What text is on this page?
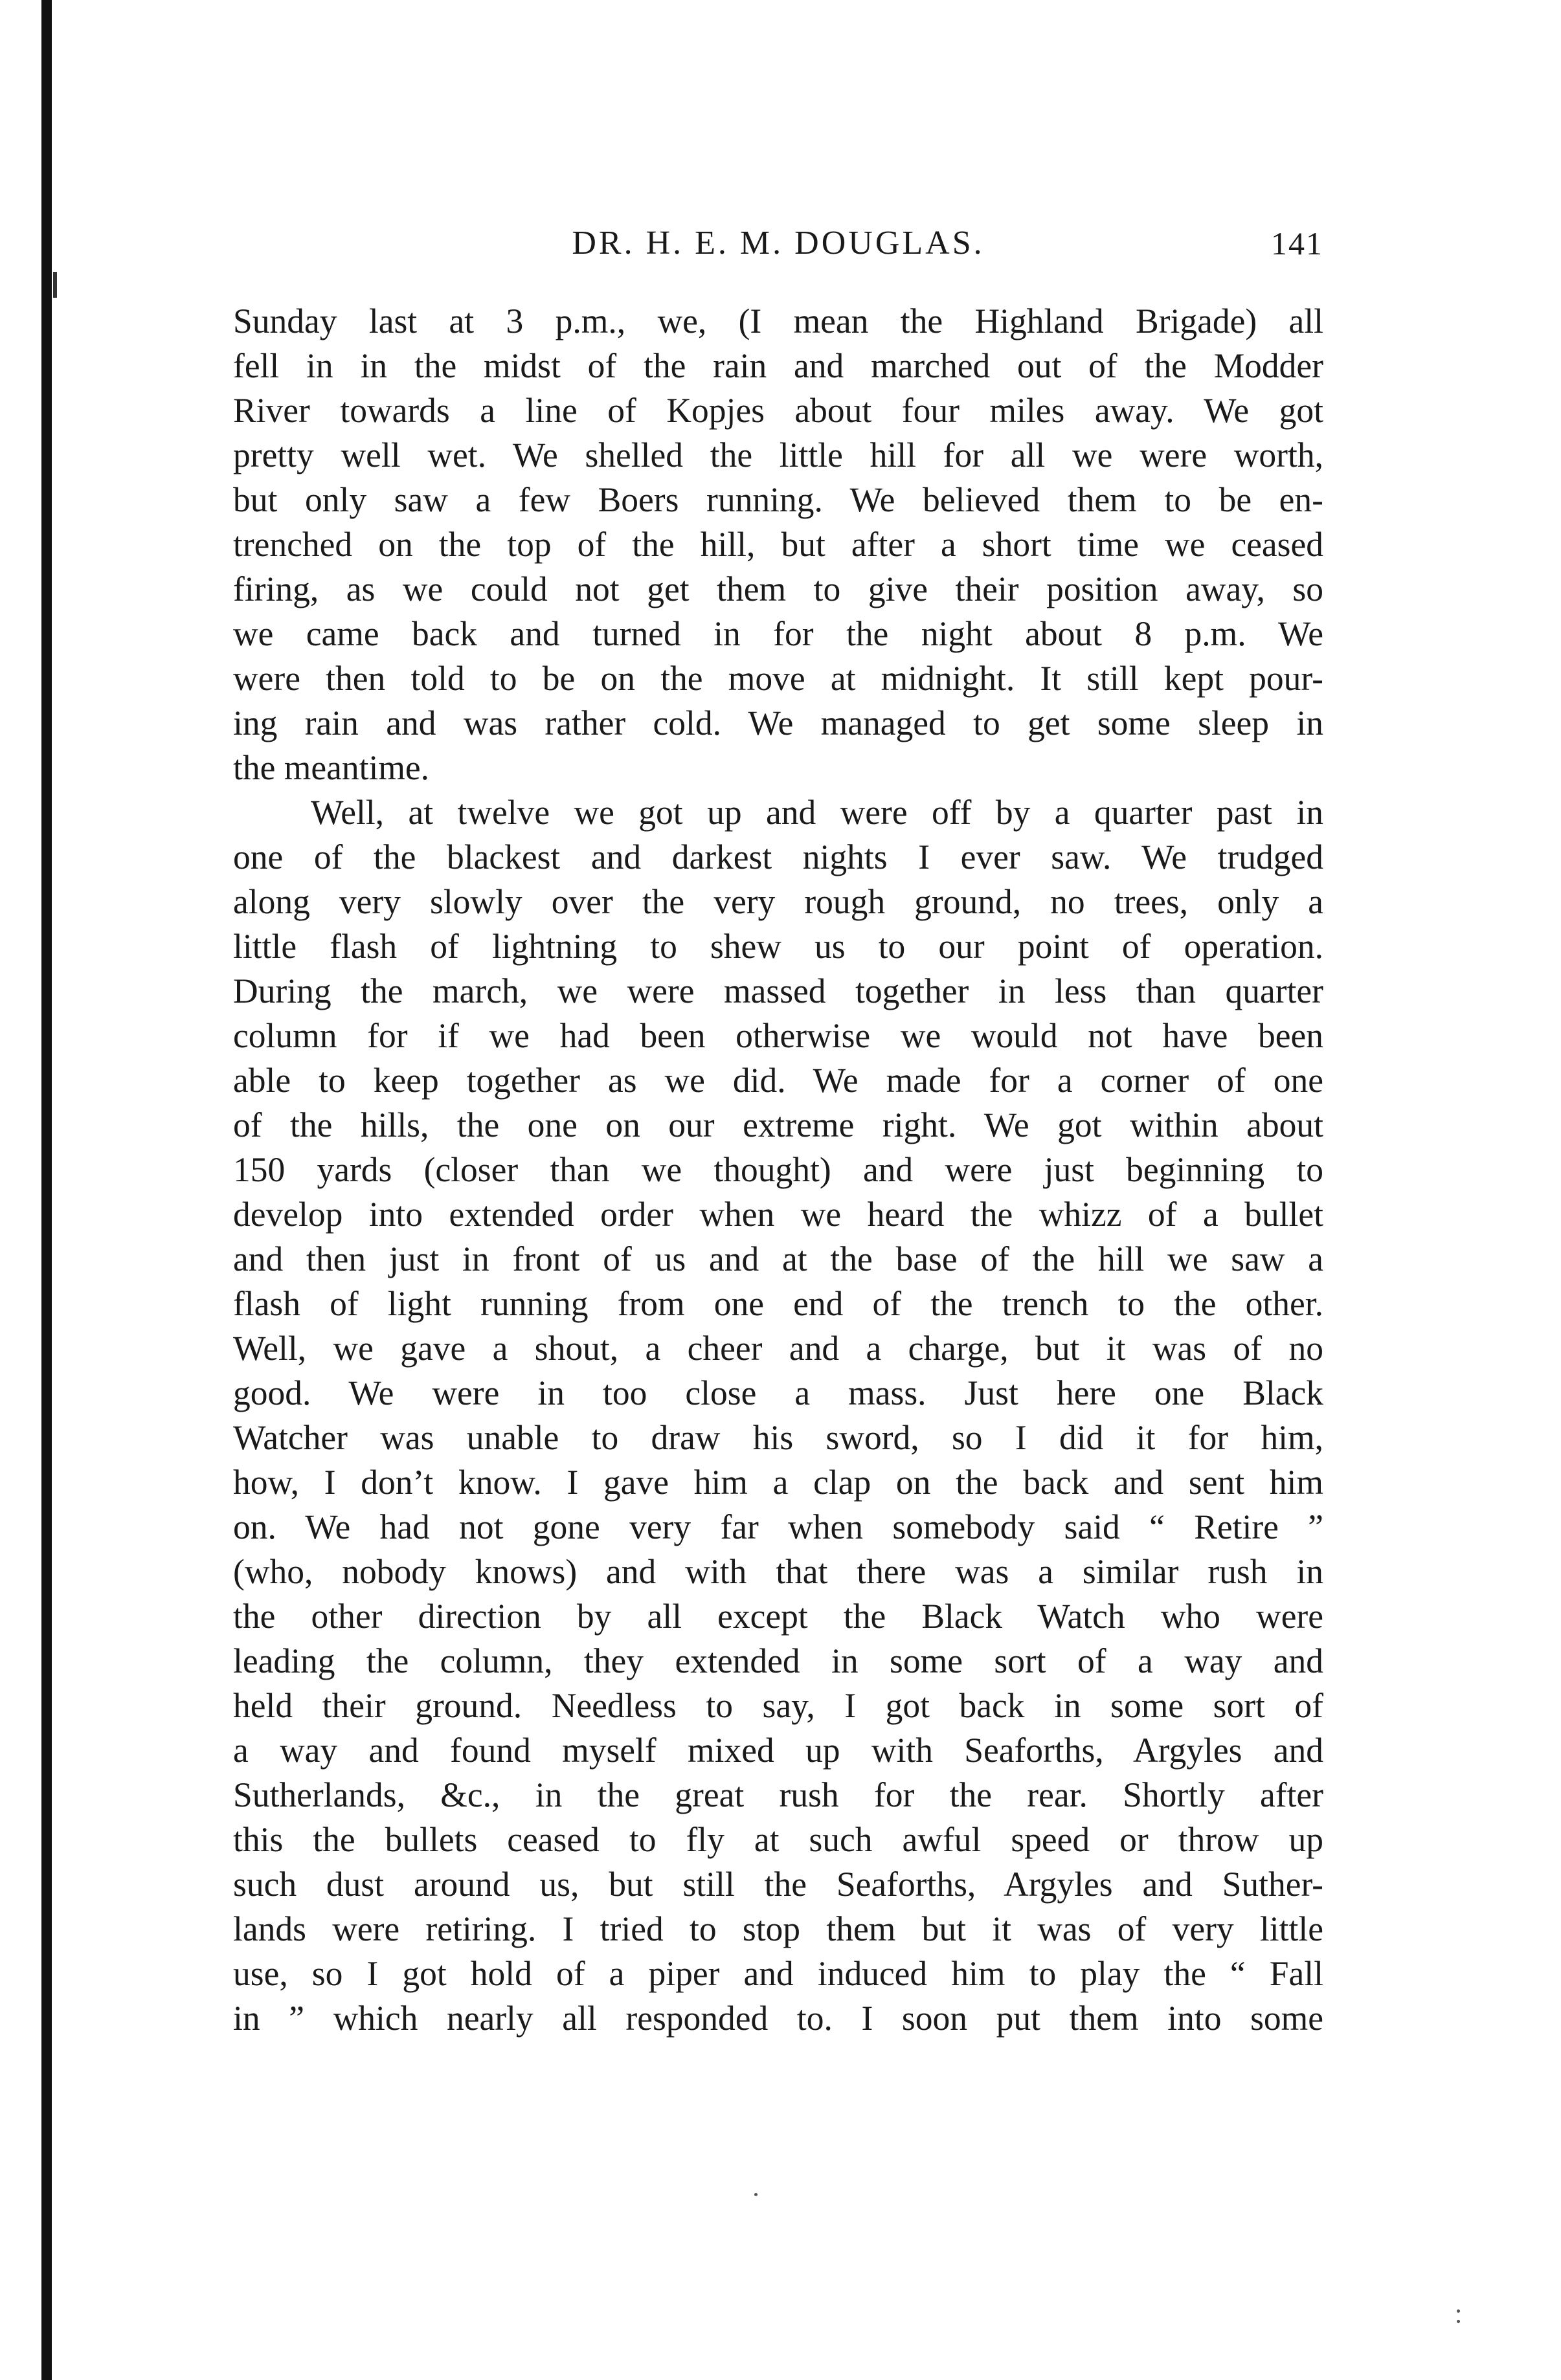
DR. H. E. M. DOUGLAS.	141
Sunday last at 3 p.m., we, (I mean the Highland Brigade) all
fell in in the midst of the rain and marched out of the Modder
River towards a line of Kopjes about four miles away. We got
pretty well wet. We shelled the little hill for all we were worth,
but only saw a few Boers running. We believed them to be en-
trenched on the top of the hill, but after a short time we ceased
firing, as we could not get them to give their position away, so
we came back and turned in for the night about 8 p.m. We
were then told to be on the move at midnight. It still kept pour-
ing rain and was rather cold. We managed to get some sleep in
the meantime.
Well, at twelve we got up and were off by a quarter past in
one of the blackest and darkest nights I ever saw. We trudged
along very slowly over the very rough ground, no trees, only a
little flash of lightning to shew us to our point of operation.
During the march, we were massed together in less than quarter
column for if we had been otherwise we would not have been
able to keep together as we did. We made for a corner of one
of the hills, the one on our extreme right. We got within about
150 yards (closer than we thought) and were just beginning to
develop into extended order when we heard the whizz of a bullet
and then just in front of us and at the base of the hill we saw a
flash of light running from one end of the trench to the other.
Well, we gave a shout, a cheer and a charge, but it was of no
good. We were in too close a mass. Just here one Black
Watcher was unable to draw his sword, so I did it for him,
how, I don’t know. I gave him a clap on the back and sent him
on. We had not gone very far when somebody said “ Retire ”
(who, nobody knows) and with that there was a similar rush in
the other direction by all except the Black Watch who were
leading the column, they extended in some sort of a way and
held their ground. Needless to say, I got back in some sort of
a way and found myself mixed up with Seaforths, Argyles and
Sutherlands, &c., in the great rush for the rear. Shortly after
this the bullets ceased to fly at such awful speed or throw up
such dust around us, but still the Seaforths, Argyles and Suther-
lands were retiring. I tried to stop them but it was of very little
use, so I got hold of a piper and induced him to play the “ Fall
in ” which nearly all responded to. I soon put them into some
